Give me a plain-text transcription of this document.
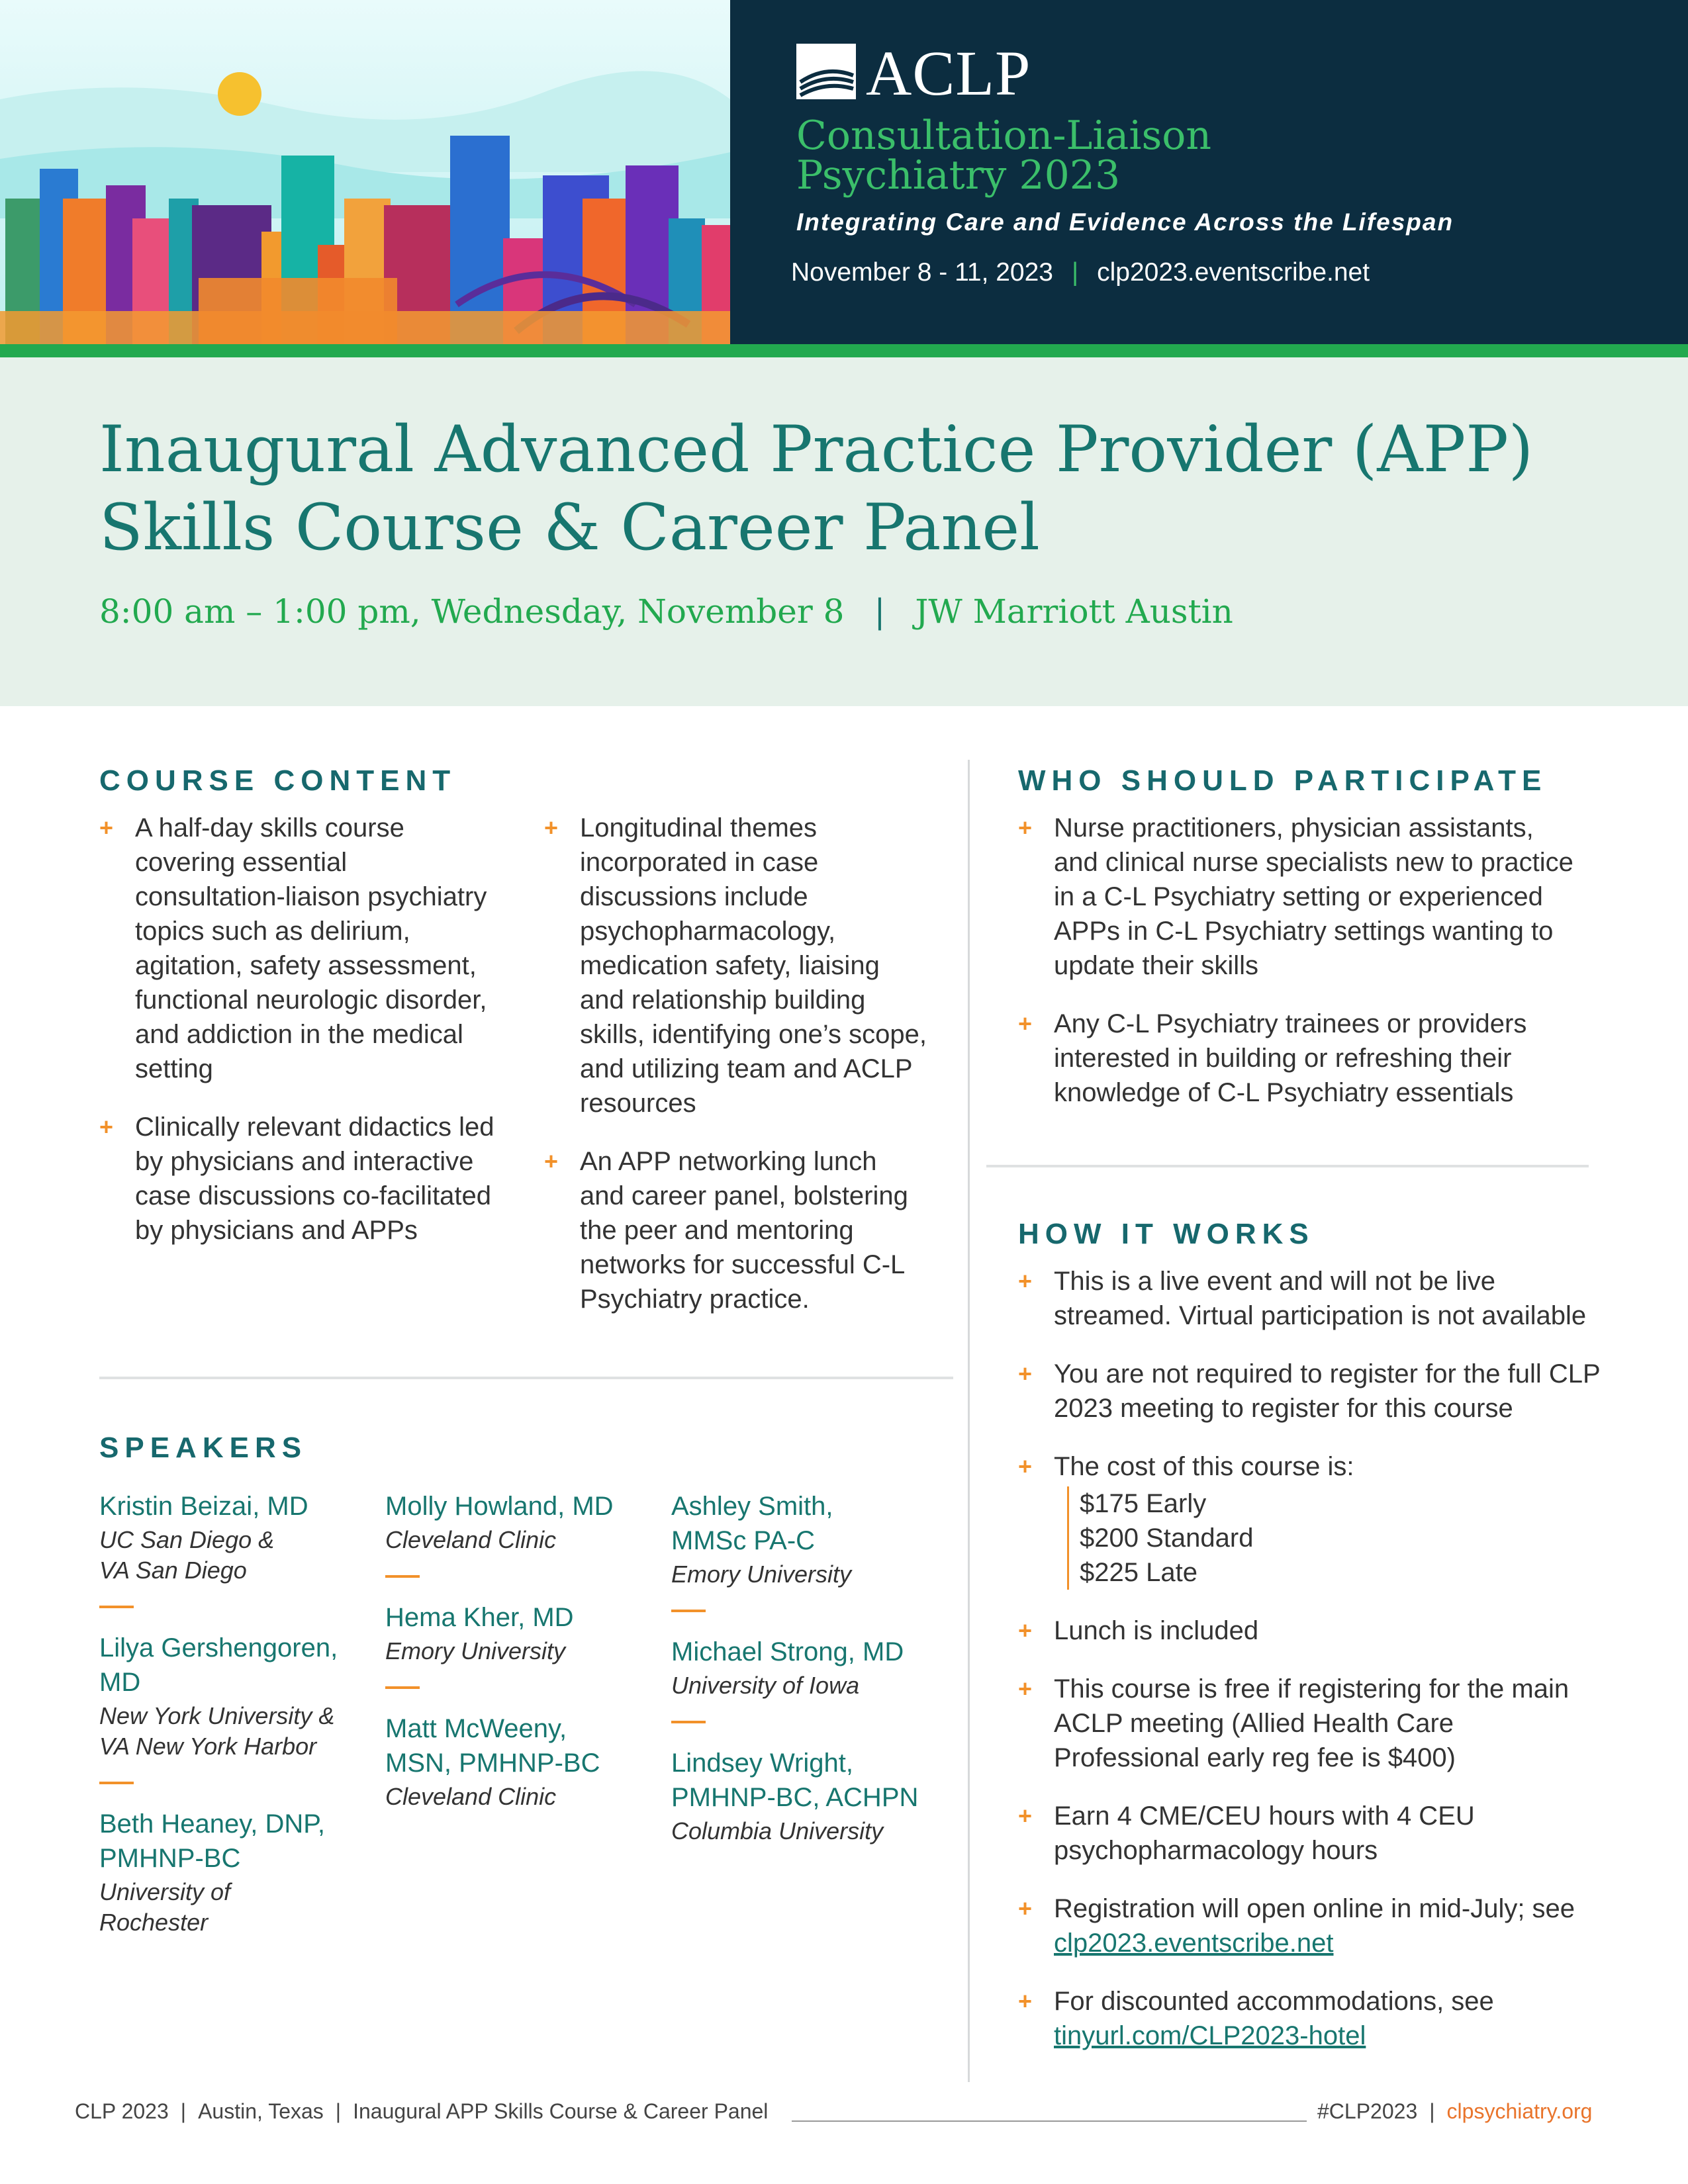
ACLP
Consultation-Liaison
Psychiatry 2023
Integrating Care and Evidence Across the Lifespan
November 8 - 11, 2023 | clp2023.eventscribe.net
Inaugural Advanced Practice Provider (APP)
Skills Course & Career Panel
8:00 am – 1:00 pm, Wednesday, November 8 | JW Marriott Austin
COURSE CONTENT
+ A half-day skills course covering essential consultation-liaison psychiatry topics such as delirium, agitation, safety assessment, functional neurologic disorder, and addiction in the medical setting
+ Clinically relevant didactics led by physicians and interactive case discussions co-facilitated by physicians and APPs
+ Longitudinal themes incorporated in case discussions include psychopharmacology, medication safety, liaising and relationship building skills, identifying one’s scope, and utilizing team and ACLP resources
+ An APP networking lunch and career panel, bolstering the peer and mentoring networks for successful C-L Psychiatry practice.
SPEAKERS
Kristin Beizai, MD
UC San Diego & VA San Diego
Lilya Gershengoren, MD
New York University & VA New York Harbor
Beth Heaney, DNP, PMHNP-BC
University of Rochester
Molly Howland, MD
Cleveland Clinic
Hema Kher, MD
Emory University
Matt McWeeny, MSN, PMHNP-BC
Cleveland Clinic
Ashley Smith, MMSc PA-C
Emory University
Michael Strong, MD
University of Iowa
Lindsey Wright, PMHNP-BC, ACHPN
Columbia University
WHO SHOULD PARTICIPATE
+ Nurse practitioners, physician assistants, and clinical nurse specialists new to practice in a C-L Psychiatry setting or experienced APPs in C-L Psychiatry settings wanting to update their skills
+ Any C-L Psychiatry trainees or providers interested in building or refreshing their knowledge of C-L Psychiatry essentials
HOW IT WORKS
+ This is a live event and will not be live streamed. Virtual participation is not available
+ You are not required to register for the full CLP 2023 meeting to register for this course
+ The cost of this course is:
$175 Early
$200 Standard
$225 Late
+ Lunch is included
+ This course is free if registering for the main ACLP meeting (Allied Health Care Professional early reg fee is $400)
+ Earn 4 CME/CEU hours with 4 CEU psychopharmacology hours
+ Registration will open online in mid-July; see clp2023.eventscribe.net
+ For discounted accommodations, see tinyurl.com/CLP2023-hotel
CLP 2023 | Austin, Texas | Inaugural APP Skills Course & Career Panel	#CLP2023 | clpsychiatry.org
